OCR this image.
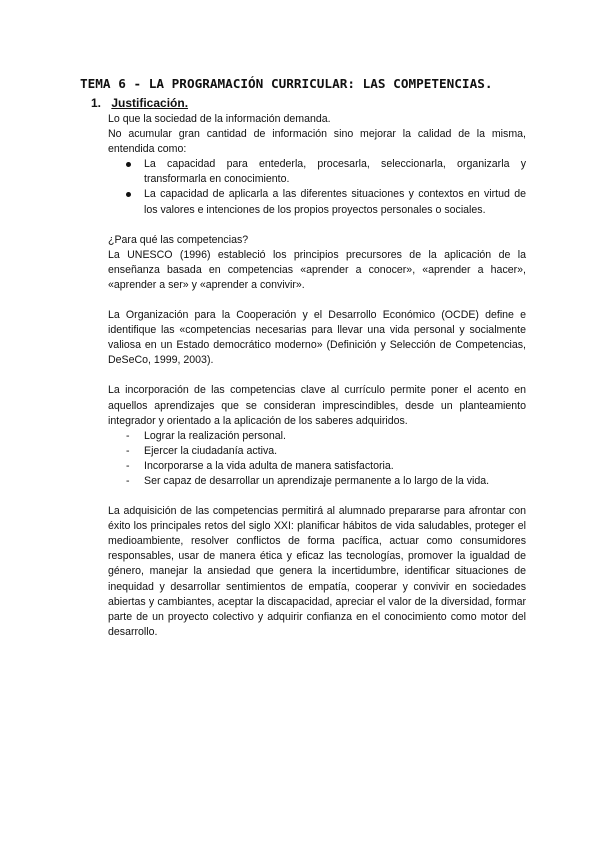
TEMA 6 - LA PROGRAMACIÓN CURRICULAR: LAS COMPETENCIAS.
1. Justificación.

Lo que la sociedad de la información demanda.

No acumular gran cantidad de información sino mejorar la calidad de la misma, entendida como:

La capacidad para entederla, procesarla, seleccionarla, organizarla y transformarla en conocimiento.
La capacidad de aplicarla a las diferentes situaciones y contextos en virtud de los valores e intenciones de los propios proyectos personales o sociales.

¿Para qué las competencias?

La UNESCO (1996) estableció los principios precursores de la aplicación de la enseñanza basada en competencias «aprender a conocer», «aprender a hacer», «aprender a ser» y «aprender a convivir».

La Organización para la Cooperación y el Desarrollo Económico (OCDE) define e identifique las «competencias necesarias para llevar una vida personal y socialmente valiosa en un Estado democrático moderno» (Definición y Selección de Competencias, DeSeCo, 1999, 2003).

La incorporación de las competencias clave al currículo permite poner el acento en aquellos aprendizajes que se consideran imprescindibles, desde un planteamiento integrador y orientado a la aplicación de los saberes adquiridos.

- Lograr la realización personal.
- Ejercer la ciudadanía activa.
- Incorporarse a la vida adulta de manera satisfactoria.
- Ser capaz de desarrollar un aprendizaje permanente a lo largo de la vida.

La adquisición de las competencias permitirá al alumnado prepararse para afrontar con éxito los principales retos del siglo XXI: planificar hábitos de vida saludables, proteger el medioambiente, resolver conflictos de forma pacífica, actuar como consumidores responsables, usar de manera ética y eficaz las tecnologías, promover la igualdad de género, manejar la ansiedad que genera la incertidumbre, identificar situaciones de inequidad y desarrollar sentimientos de empatía, cooperar y convivir en sociedades abiertas y cambiantes, aceptar la discapacidad, apreciar el valor de la diversidad, formar parte de un proyecto colectivo y adquirir confianza en el conocimiento como motor del desarrollo.
